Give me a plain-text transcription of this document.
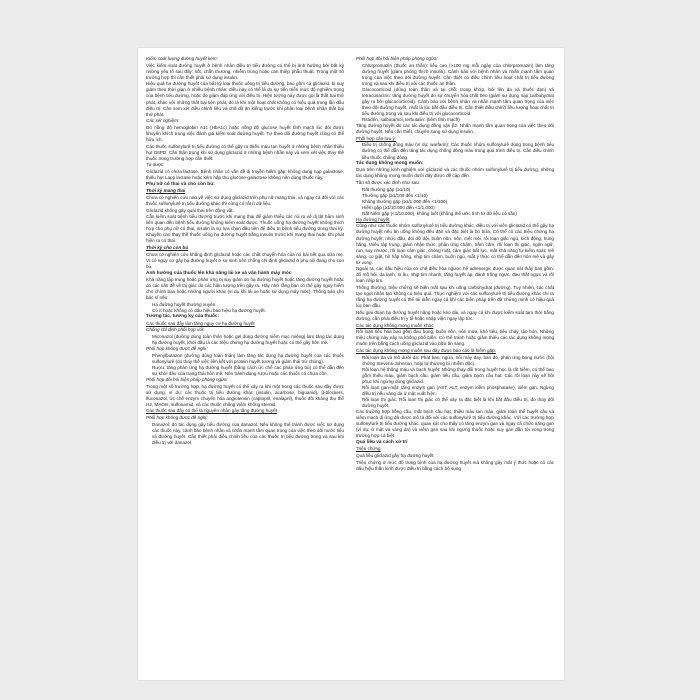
Kiểm soát lượng đường huyết kém:

Việc kiểm soát đường huyết ở bệnh nhân điều trị tiểu đường có thể bị ảnh hưởng bởi bất kỳ những yếu tố sau đây: sốt, chấn thương, nhiễm trùng hoặc can thiệp phẫu thuật. Trong một số trường hợp thì cần thiết phải sử dụng insulin.

Hiệu quả hạ đường huyết của bất kỳ loại thuốc uống trị tiểu đường, bao gồm cả gliclazid, bị suy giảm theo thời gian ở nhiều bệnh nhân: điều này có thể là do sự tiến triển mức độ nghiêm trọng của bệnh tiểu đường, hoặc do giảm đáp ứng với điều trị. Hiện tượng này được gọi là thất bại thứ phát, khác với những thất bại tiên phát, đó là khi một hoạt chất không có hiệu quả trong lần đầu điều trị. Cần xem xét điều chỉnh liều và chế độ ăn kiêng trước khi phân loại bệnh nhân thất bại thứ phát.

Các xét nghiệm:

Đo nồng độ hemoglobin A1c (HbA1c) hoặc nồng độ glucose huyết tĩnh mạch lúc đói được khuyến khích trong việc đánh giá kiểm soát đường huyết. Tự theo dõi đường huyết cũng có thể hữu ích.

Các thuốc sulfonylurê trị tiểu đường có thể gây ra thiếu máu tan huyết ở những bệnh nhân thiếu hụt G6PD. Cần thận trọng khi sử dụng gliclazid ở những bệnh nhân này và xem xét việc thay thế thuốc trong trường hợp cần thiết.

Tá dược:

Gliclazid có chứa lactose. Bệnh nhân có vấn đề di truyền hiếm gặp: không dung nạp galactose, thiếu hụt Lapp lactase hoặc kém hấp thu glucose-galactose không nên dùng thuốc này.

Phụ nữ có thai và cho con bú:

Thời kỳ mang thai

Chưa có nghiên cứu nào về việc sử dụng gliclazid trên phụ nữ mang thai, và ngay cả đối với các thuốc sulfonylurê trị tiểu đường khác thì cũng có rất ít dữ liệu.

Gliclazid không gây quái thai trên động vật.

Cần kiểm soát bệnh tiểu đường trước khi mang thai để giảm thiểu các rủi ro về dị tật bẩm sinh liên quan đến bệnh tiểu đường không kiểm soát được. Thuốc uống hạ đường huyết không thích hợp cho phụ nữ có thai, insulin là sự lựa chọn đầu tiên để điều trị bệnh tiểu đường trong thai kỳ. Khuyến cáo thay thế thuốc uống hạ đường huyết bằng insulin trước khi mang thai hoặc khi phát hiện ra có thai.

Thời kỳ cho con bú

Chưa có nghiên cứu khẳng định gliclazid hoặc các chất chuyển hóa của nó bài tiết qua sữa mẹ. Vì có nguy cơ gây hạ đường huyết ở sơ sinh nên chống chỉ định gliclazid ở phụ nữ đang cho con bú.

Ảnh hưởng của thuốc lên khả năng lái xe và vận hành máy móc

Khả năng tập trung hoặc phản ứng bị suy giảm do hạ đường huyết hoặc tăng đường huyết hoặc do các vấn đề về thị giác do các hiện tượng trên gây ra. Hãy nhớ rằng bạn có thể gây nguy hiểm cho chính bạn hoặc những người khác (ví dụ khi lái xe hoặc sử dụng máy móc). Thông báo cho bác sĩ nếu:

• Hạ đường huyết thường xuyên.
• Có ít hoặc không có dấu hiệu báo hiệu hạ đường huyết.

Tương tác, tương kỵ của thuốc:

Các thuốc sau đây làm tăng nguy cơ hạ đường huyết

Chống chỉ định phối hợp với:

• Miconazol (đường dùng toàn thân hoặc gel dùng đường niêm mạc miệng) làm tăng tác dụng hạ đường huyết, khởi đầu là các triệu chứng hạ đường huyết hoặc có thể gây hôn mê.

Phối hợp không được đề nghị:

• Phenylbutazon (đường dùng toàn thân) làm tăng tác dụng hạ đường huyết của các thuốc sulfonylurê (do thay thế việc liên kết với protein huyết tương và giảm thải trừ chúng).
• Rượu: tăng phản ứng hạ đường huyết (bằng cách ức chế các phản ứng bù) có thể dẫn đến sự khởi đầu của trạng thái hôn mê. Nên tránh dùng rượu hoặc các thuốc có chứa cồn.

Phối hợp đòi hỏi biện pháp phòng ngừa:

Trong một số trường hợp, hạ đường huyết có thể xảy ra khi một trong các thuốc sau đây được sử dụng, ví dụ: các thuốc trị tiểu đường khác (insulin, acarbose, biguanid), β-blockers, fluconazol, ức chế enzym chuyển hóa angiotensin (captopril, enalapril), thuốc đối kháng thụ thể H2, MAOIs, sulfonamid, và các thuốc chống viêm không steroid.

Các thuốc sau đây có thể là nguyên nhân gây tăng đường huyết

Phối hợp không được đề nghị:

• Danazol: do tác dụng gây tiểu đường của danazol. Nếu không thể tránh được việc sử dụng các thuốc này, cảnh báo bệnh nhân và nhấn mạnh tầm quan trọng của việc theo dõi nước tiểu và đường huyết. Cần thiết phải điều chỉnh liều của các thuốc trị tiểu đường trong và sau khi điều trị với danazol.

Phối hợp đòi hỏi biện pháp phòng ngừa:

• Chlorpromazin (thuốc an thần): liều cao (>100 mg mỗi ngày của chlorpromazin) làm tăng đường huyết (giảm phóng thích insulin). Cảnh báo với bệnh nhân và nhấn mạnh tầm quan trọng của việc theo dõi đường huyết. Cần thiết có điều chỉnh liều hoạt chất trị tiểu đường trong và sau khi điều trị với các thuốc an thần.
• Glucocorticoid (dùng toàn thân và tại chỗ: trong khớp, bôi lên da và thuốc đạn) và tetracosactrin: tăng đường huyết do sự chuyển hóa chất béo (giảm sự dung nạp carbohydrat gây ra bởi glucocorticoid). Cảnh báo với bệnh nhân và nhấn mạnh tầm quan trọng của việc theo dõi đường huyết, nhất là lúc bắt đầu điều trị. Cần thiết điều chỉnh liều lượng hoạt chất trị tiểu đường trong và sau khi điều trị với glucocorticoid.
• Ritodrin, salbutamol, terbutalin: (tiêm tĩnh mạch)

Tăng đường huyết do các tác dụng đồng vận β2. Nhấn mạnh tầm quan trọng của việc theo dõi đường huyết. Nếu cần thiết, chuyển sang sử dụng insulin.

Phối hợp cần lưu ý:

• Điều trị chống đông máu (ví dụ: warfarin): Các thuốc nhóm sulfonylurê dùng trong bệnh tiểu đường có thể dẫn đến tăng tác dụng chống đông máu trong quá trình điều trị. Cần điều chỉnh liều thuốc chống đông.

Tác dụng không mong muốn:

Dựa trên những kinh nghiệm với gliclazid và các thuốc nhóm sulfonylurê trị tiểu đường, những tác dụng không mong muốn dưới đây được đề cập đến.

Tần số được xác định như sau:

• Rất thường gặp (≥1/10)
• Thường gặp (≥1/100 đến <1/10)
• Không thường gặp (≥1/1.000 đến <1/100)
• Hiếm gặp (≥1/10.000 đến <1/1.000)
• Rất hiếm gặp (<1/10.000), không biết (không thể ước tính từ dữ liệu có sẵn)

Hạ đường huyết

Cũng như các thuốc nhóm sulfonylurê trị tiểu đường khác, điều trị với viên gliclazid có thể gây hạ đường huyết nếu ăn uống không đều đặn và đặc biệt là bỏ bữa. Có thể có các triệu chứng hạ đường huyết: nhức đầu, đói dữ dội, buồn nôn, nôn, mệt mỏi, rối loạn giấc ngủ, kích động, hung hăng, thiếu tập trung, giảm nhận thức, phản ứng chậm, trầm cảm, rối loạn thị giác, ngôn ngữ, run, suy nhược, rối loạn cảm giác, chóng mặt, cảm giác bất lực, mất khả năng tự kiểm soát, mê sảng, co giật, hô hấp nông, nhịp tim chậm, buồn ngủ, mất ý thức có thể dẫn đến hôn mê và gây tử vong.

Ngoài ra, các dấu hiệu của cơ chế điều hòa ngược hệ adrenergic được quan sát thấy bao gồm: đổ mồ hôi, da lạnh, lo âu, nhịp tim nhanh, tăng huyết áp, đánh trống ngực, đau thắt ngực và rối loạn nhịp tim.

Thông thường, triệu chứng sẽ biến mất sau khi uống carbohydrat (đường). Tuy nhiên, các chất tạo ngọt nhân tạo không có hiệu quả. Thực nghiệm với các sulfonylurê trị tiểu đường khác chỉ ra rằng hạ đường huyết có thể tái diễn ngay cả khi các biện pháp trên đã chứng minh có hiệu quả lúc ban đầu.

Nếu giai đoạn hạ đường huyết nặng hoặc kéo dài, và ngay cả khi được kiểm soát tạm thời bằng đường, cần phải điều trị y tế hoặc nhập viện ngay lập tức.

Các tác dụng không mong muốn khác

Rối loạn tiêu hóa bao gồm đau bụng, buồn nôn, nôn mửa, khó tiêu, tiêu chảy, táo bón. Những triệu chứng này xảy ra không phổ biến. Có thể tránh hoặc giảm thiểu các tác dụng không mong muốn trên bằng cách uống gliclazid vào bữa ăn sáng.

Các tác dụng không mong muốn sau đây được báo cáo là hiếm gặp:

• Rối loạn da và mô dưới da: Phát ban, ngứa, nổi mày đay, ban đỏ, phản ứng bọng nước (hội chứng Stevens-Johnson, hoại tử thượng bì nhiễm độc).
• Rối loạn hệ thống máu và bạch huyết: Những thay đổi trong huyết học là rất hiếm, có thể bao gồm thiếu máu, giảm bạch cầu, giảm tiểu cầu, giảm bạch cầu hạt. Các rối loạn này sẽ hồi phục khi ngừng dùng gliclazid.
• Rối loạn gan-mật: tăng enzym gan (AST, ALT, enzym kiềm phosphatase), viêm gan. Ngừng điều trị nếu vàng da ứ mật xuất hiện.
• Rối loạn thị giác: Rối loạn thị giác có thể xảy ra đặc biệt là khi bắt đầu điều trị, do thay đổi đường huyết.

Các trường hợp hồng cầu, mắt bạch cầu hạt, thiếu máu tan máu, giảm toàn thể huyết cầu và viêm mạch dị ứng đã được mô tả đối với các sulfonylurê trị tiểu đường khác. Với các trường hợp sulfonylurê trị tiểu đường khác, quan sát cho thấy có tăng enzym gan và ngay cả chức năng gan (vì dụ: ứ mật và vàng da) và viêm gan sau khi ngừng thuốc hoặc suy gan dẫn tới vong trong trường hợp cá biệt.

Quá liều và cách xử trí

Triệu chứng

Quá liều gliclazid gây hạ đường huyết.

Triệu chứng ở mức độ trung bình của hạ đường huyết mà không gây mất ý thức hoặc có các dấu hiệu thần kinh được điều trị bằng cách bổ sung
